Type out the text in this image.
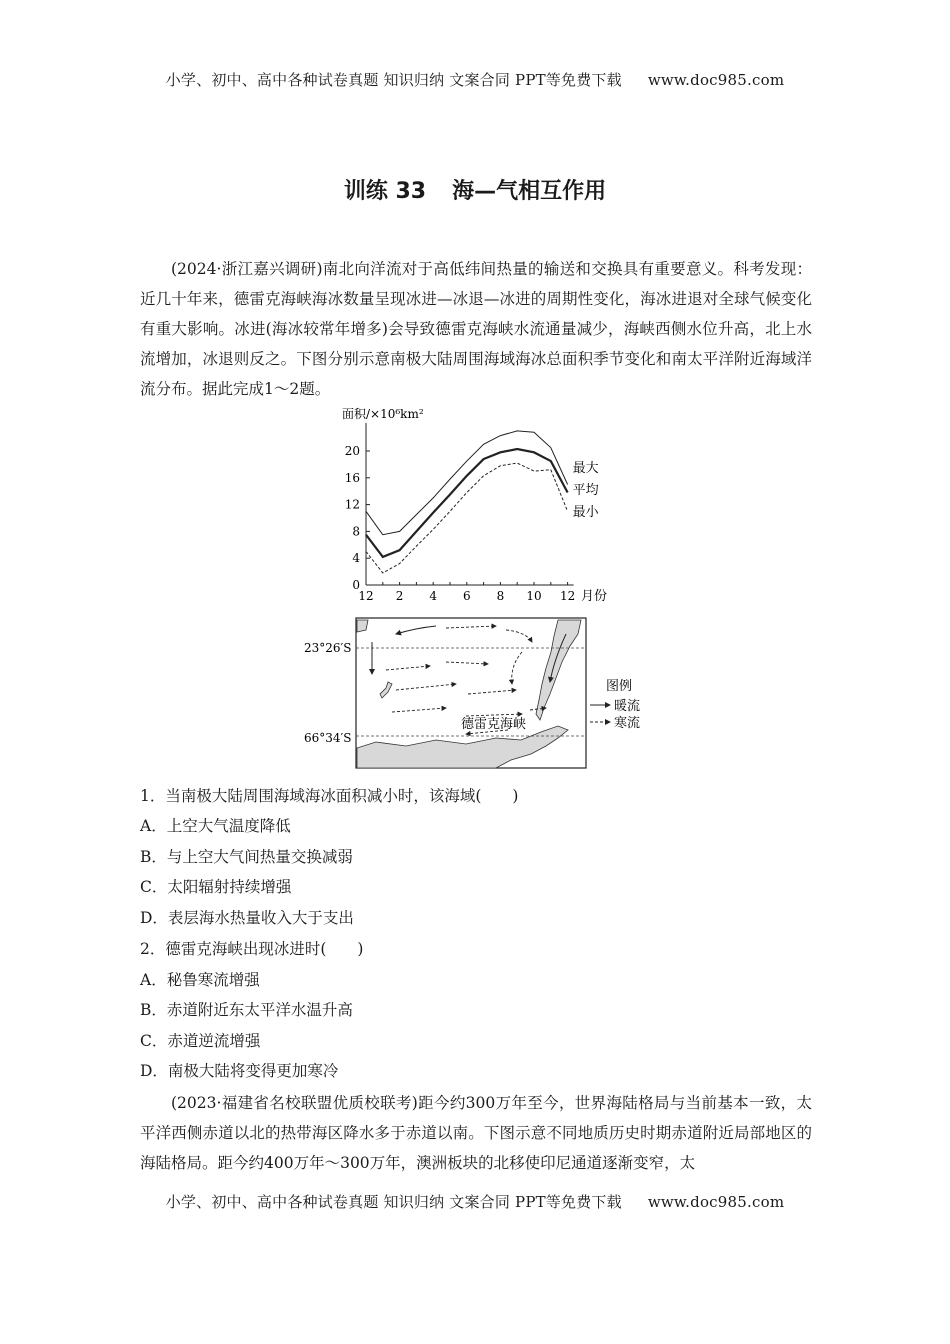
小学、初中、高中各种试卷真题 知识归纳 文案合同 PPT等免费下载 www.doc985.com
训练 33 海—气相互作用
(2024·浙江嘉兴调研)南北向洋流对于高低纬间热量的输送和交换具有重要意义。科考发现：近几十年来，德雷克海峡海冰数量呈现冰进—冰退—冰进的周期性变化，海冰进退对全球气候变化有重大影响。冰进(海冰较常年增多)会导致德雷克海峡水流通量减少，海峡西侧水位升高，北上水流增加，冰退则反之。下图分别示意南极大陆周围海域海冰总面积季节变化和南太平洋附近海域洋流分布。据此完成1～2题。
面积/×10⁶km²
0
4
8
12
16
20
12 2 4 6 8 10 12
最大
平均
最小
月份
23°26′S
66°34′S
德雷克海峡
图例
暖流
寒流
1．当南极大陆周围海域海冰面积减小时，该海域(　　)
A．上空大气温度降低
B．与上空大气间热量交换减弱
C．太阳辐射持续增强
D．表层海水热量收入大于支出
2．德雷克海峡出现冰进时(　　)
A．秘鲁寒流增强
B．赤道附近东太平洋水温升高
C．赤道逆流增强
D．南极大陆将变得更加寒冷
(2023·福建省名校联盟优质校联考)距今约300万年至今，世界海陆格局与当前基本一致，太平洋西侧赤道以北的热带海区降水多于赤道以南。下图示意不同地质历史时期赤道附近局部地区的海陆格局。距今约400万年～300万年，澳洲板块的北移使印尼通道逐渐变窄，太
小学、初中、高中各种试卷真题 知识归纳 文案合同 PPT等免费下载 www.doc985.com
